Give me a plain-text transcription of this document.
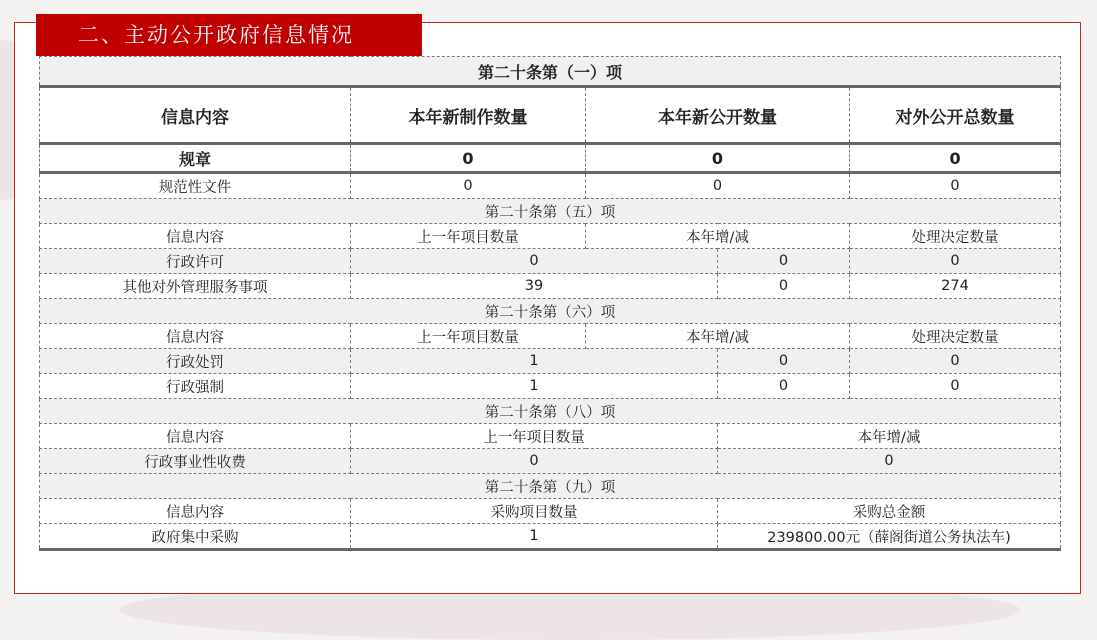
二、主动公开政府信息情况
第二十条第（一）项				
信息内容	本年新制作数量	本年新公开数量		对外公开总数量
规章	0	0		0
规范性文件	0	0		0
第二十条第（五）项				
信息内容	上一年项目数量	本年增/减		处理决定数量
行政许可	0		0	0
其他对外管理服务事项	39		0	274
第二十条第（六）项				
信息内容	上一年项目数量	本年增/减		处理决定数量
行政处罚	1		0	0
行政强制	1		0	0
第二十条第（八）项				
信息内容	上一年项目数量		本年增/减	
行政事业性收费	0		0	
第二十条第（九）项				
信息内容	采购项目数量		采购总金额	
政府集中采购	1		239800.00元（薛阁街道公务执法车)	
